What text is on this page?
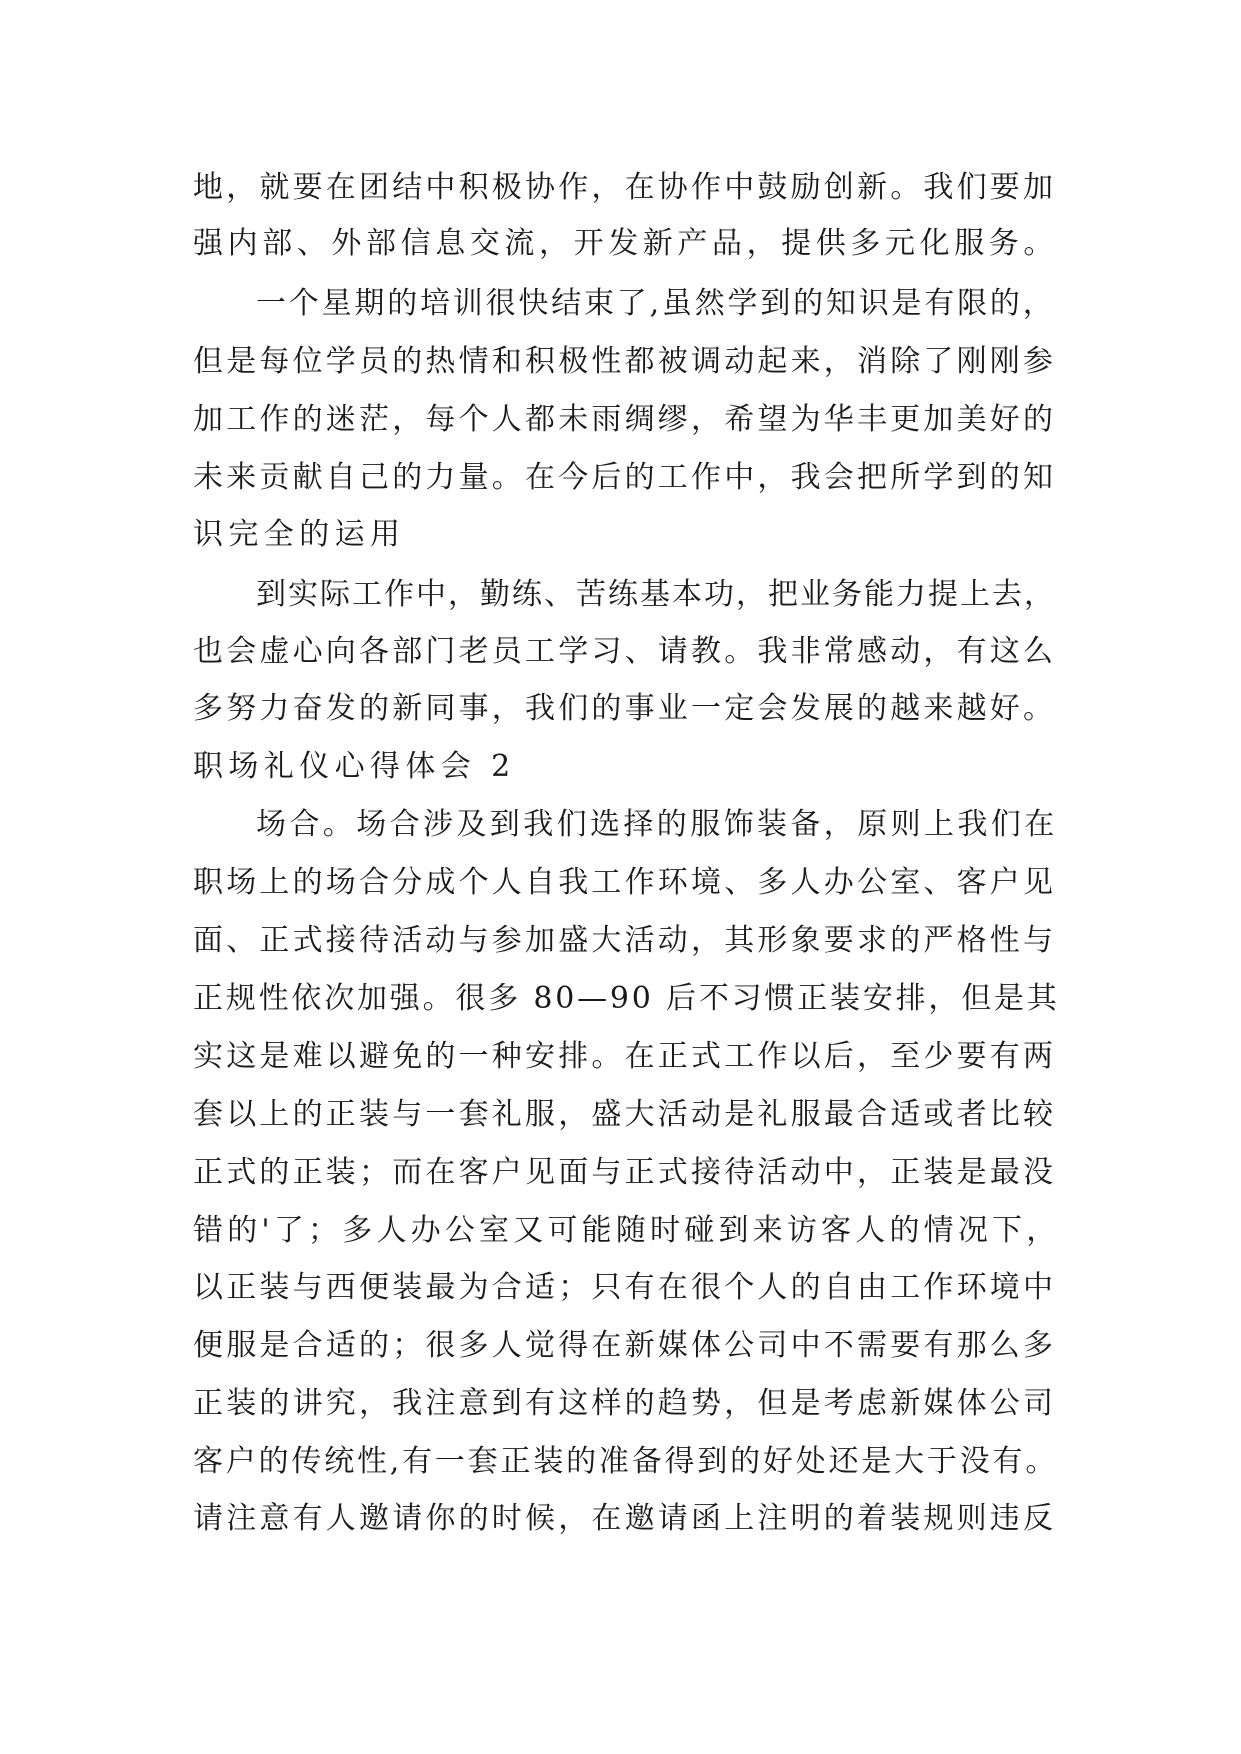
地，就要在团结中积极协作，在协作中鼓励创新。我们要加
强内部、外部信息交流，开发新产品，提供多元化服务。
一个星期的培训很快结束了,虽然学到的知识是有限的，
但是每位学员的热情和积极性都被调动起来，消除了刚刚参
加工作的迷茫，每个人都未雨绸缪，希望为华丰更加美好的
未来贡献自己的力量。在今后的工作中，我会把所学到的知
识完全的运用
到实际工作中，勤练、苦练基本功，把业务能力提上去，
也会虚心向各部门老员工学习、请教。我非常感动，有这么
多努力奋发的新同事，我们的事业一定会发展的越来越好。
职场礼仪心得体会 2
场合。场合涉及到我们选择的服饰装备，原则上我们在
职场上的场合分成个人自我工作环境、多人办公室、客户见
面、正式接待活动与参加盛大活动，其形象要求的严格性与
正规性依次加强。很多 80—90 后不习惯正装安排，但是其
实这是难以避免的一种安排。在正式工作以后，至少要有两
套以上的正装与一套礼服，盛大活动是礼服最合适或者比较
正式的正装；而在客户见面与正式接待活动中，正装是最没
错的'了；多人办公室又可能随时碰到来访客人的情况下，
以正装与西便装最为合适；只有在很个人的自由工作环境中
便服是合适的；很多人觉得在新媒体公司中不需要有那么多
正装的讲究，我注意到有这样的趋势，但是考虑新媒体公司
客户的传统性,有一套正装的准备得到的好处还是大于没有。
请注意有人邀请你的时候，在邀请函上注明的着装规则违反
